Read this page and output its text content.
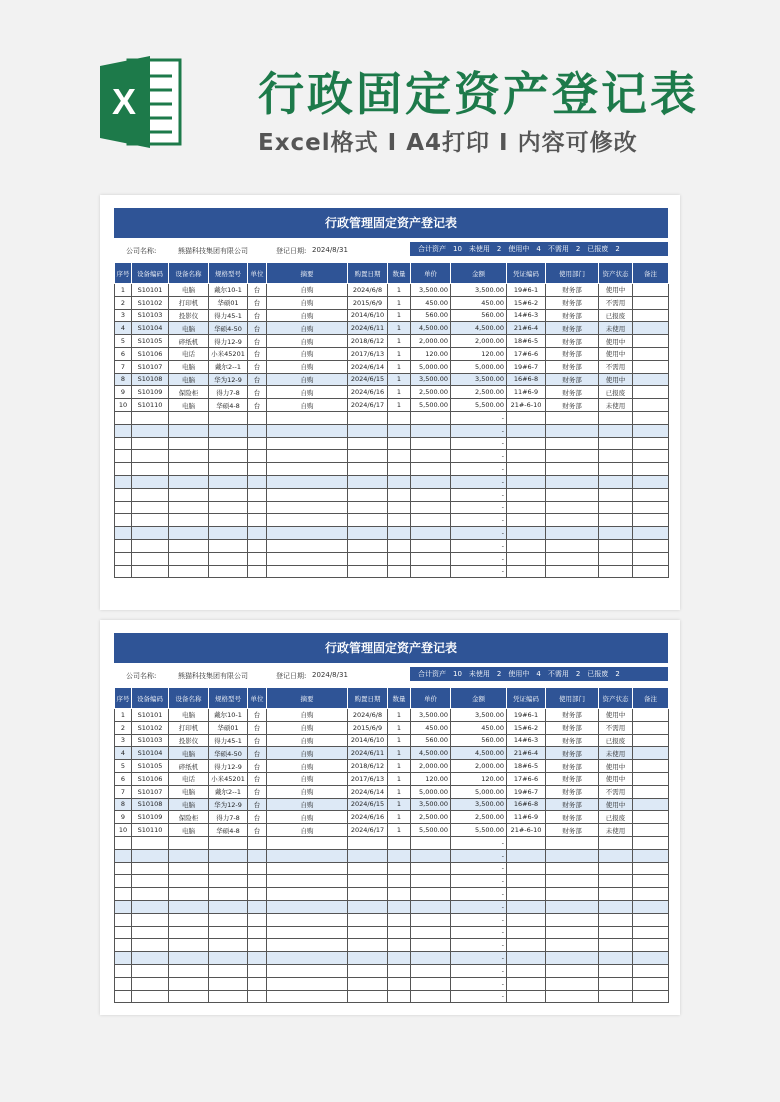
X	行政固定资产登记表
Excel格式 I A4打印 I 内容可修改
行政管理固定资产登记表
公司名称:	熊猫科技集团有限公司	登记日期: 2024/8/31	合计资产 10 未使用 2 使用中 4 不需用 2 已报废 2
序号	设备编码	设备名称	规格型号	单位	摘要	购置日期	数量	单价	金额	凭证编码	使用部门	资产状态	备注
1	S10101	电脑	戴尔10-1	台	自购	2024/6/8	1	3,500.00	3,500.00	19#6-1	财务部	使用中	
2	S10102	打印机	华硕01	台	自购	2015/6/9	1	450.00	450.00	15#6-2	财务部	不需用	
3	S10103	投影仪	得力45-1	台	自购	2014/6/10	1	560.00	560.00	14#6-3	财务部	已报废	
4	S10104	电脑	华硕4-50	台	自购	2024/6/11	1	4,500.00	4,500.00	21#6-4	财务部	未使用	
5	S10105	碎纸机	得力12-9	台	自购	2018/6/12	1	2,000.00	2,000.00	18#6-5	财务部	使用中	
6	S10106	电话	小米45201	台	自购	2017/6/13	1	120.00	120.00	17#6-6	财务部	使用中	
7	S10107	电脑	戴尔2--1	台	自购	2024/6/14	1	5,000.00	5,000.00	19#6-7	财务部	不需用	
8	S10108	电脑	华为12-9	台	自购	2024/6/15	1	3,500.00	3,500.00	16#6-8	财务部	使用中	
9	S10109	保险柜	得力7-8	台	自购	2024/6/16	1	2,500.00	2,500.00	11#6-9	财务部	已报废	
10	S10110	电脑	华硕4-8	台	自购	2024/6/17	1	5,500.00	5,500.00	21#-6-10	财务部	未使用	
									-				
									-				
									-				
									-				
									-				
									-				
									-				
									-				
									-				
									-				
									-				
									-				
									-				
行政管理固定资产登记表
公司名称:	熊猫科技集团有限公司	登记日期: 2024/8/31	合计资产 10 未使用 2 使用中 4 不需用 2 已报废 2
序号	设备编码	设备名称	规格型号	单位	摘要	购置日期	数量	单价	金额	凭证编码	使用部门	资产状态	备注
1	S10101	电脑	戴尔10-1	台	自购	2024/6/8	1	3,500.00	3,500.00	19#6-1	财务部	使用中	
2	S10102	打印机	华硕01	台	自购	2015/6/9	1	450.00	450.00	15#6-2	财务部	不需用	
3	S10103	投影仪	得力45-1	台	自购	2014/6/10	1	560.00	560.00	14#6-3	财务部	已报废	
4	S10104	电脑	华硕4-50	台	自购	2024/6/11	1	4,500.00	4,500.00	21#6-4	财务部	未使用	
5	S10105	碎纸机	得力12-9	台	自购	2018/6/12	1	2,000.00	2,000.00	18#6-5	财务部	使用中	
6	S10106	电话	小米45201	台	自购	2017/6/13	1	120.00	120.00	17#6-6	财务部	使用中	
7	S10107	电脑	戴尔2--1	台	自购	2024/6/14	1	5,000.00	5,000.00	19#6-7	财务部	不需用	
8	S10108	电脑	华为12-9	台	自购	2024/6/15	1	3,500.00	3,500.00	16#6-8	财务部	使用中	
9	S10109	保险柜	得力7-8	台	自购	2024/6/16	1	2,500.00	2,500.00	11#6-9	财务部	已报废	
10	S10110	电脑	华硕4-8	台	自购	2024/6/17	1	5,500.00	5,500.00	21#-6-10	财务部	未使用	
									-				
									-				
									-				
									-				
									-				
									-				
									-				
									-				
									-				
									-				
									-				
									-				
									-				
